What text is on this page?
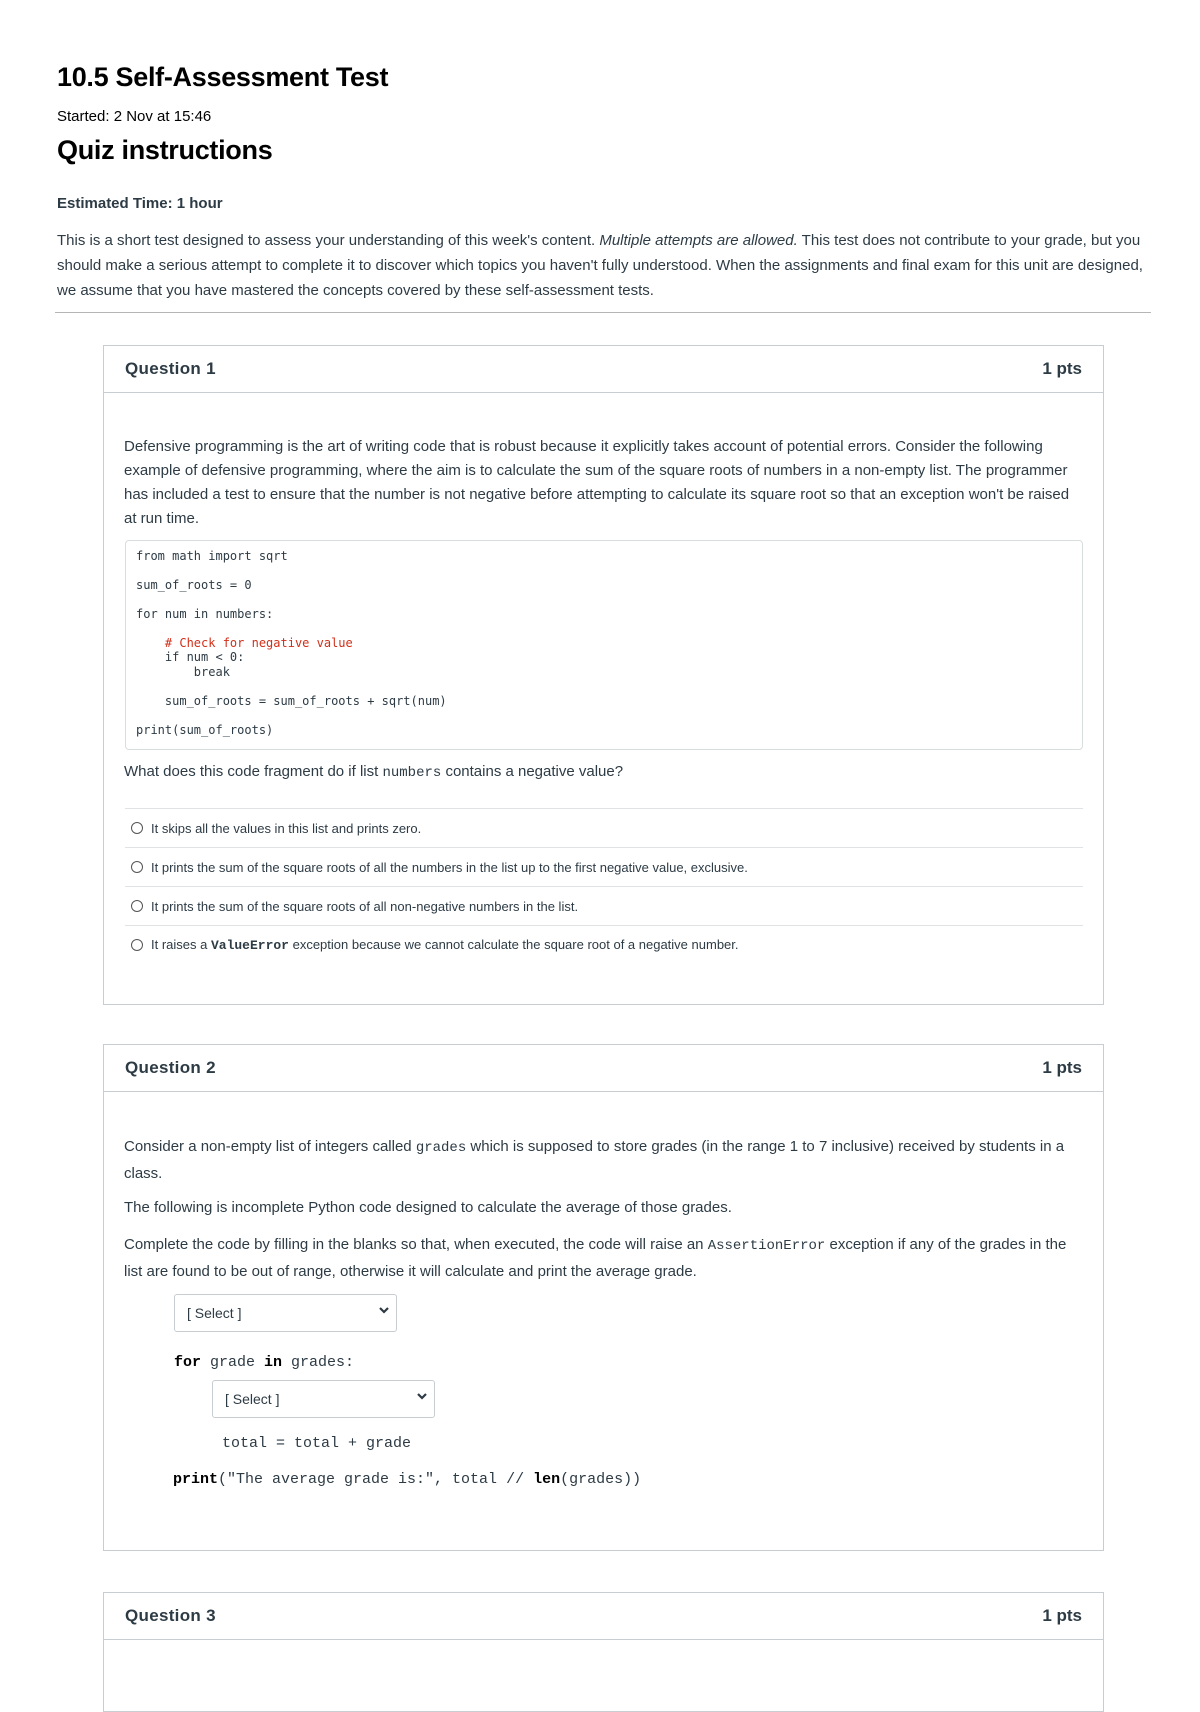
10.5 Self-Assessment Test
Started: 2 Nov at 15:46
Quiz instructions
Estimated Time: 1 hour

This is a short test designed to assess your understanding of this week's content. Multiple attempts are allowed. This test does not contribute to your grade, but you should make a serious attempt to complete it to discover which topics you haven't fully understood. When the assignments and final exam for this unit are designed, we assume that you have mastered the concepts covered by these self-assessment tests.

Question 1	1 pts

Defensive programming is the art of writing code that is robust because it explicitly takes account of potential errors. Consider the following example of defensive programming, where the aim is to calculate the sum of the square roots of numbers in a non-empty list. The programmer has included a test to ensure that the number is not negative before attempting to calculate its square root so that an exception won't be raised at run time.

from math import sqrt
sum_of_roots = 0
for num in numbers:
# Check for negative value
if num < 0:
break
sum_of_roots = sum_of_roots + sqrt(num)
print(sum_of_roots)

What does this code fragment do if list numbers contains a negative value?

It skips all the values in this list and prints zero.
It prints the sum of the square roots of all the numbers in the list up to the first negative value, exclusive.
It prints the sum of the square roots of all non-negative numbers in the list.
It raises a ValueError exception because we cannot calculate the square root of a negative number.
Question 2	1 pts

Consider a non-empty list of integers called grades which is supposed to store grades (in the range 1 to 7 inclusive) received by students in a class.

The following is incomplete Python code designed to calculate the average of those grades.

Complete the code by filling in the blanks so that, when executed, the code will raise an AssertionError exception if any of the grades in the list are found to be out of range, otherwise it will calculate and print the average grade.

[ Select ]
for grade in grades:
[ Select ]
total = total + grade
print("The average grade is:", total // len(grades))
Question 3	1 pts
